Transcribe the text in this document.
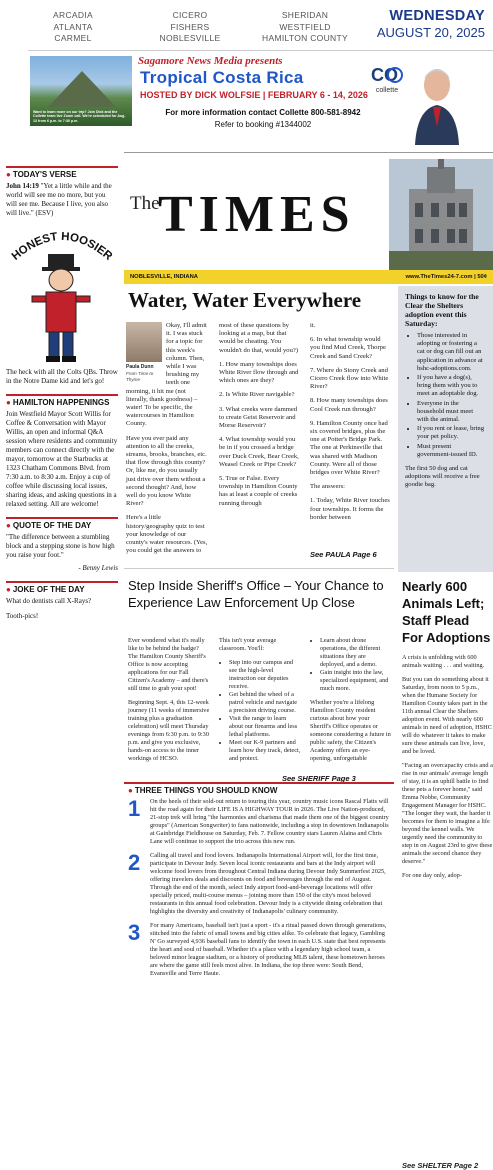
ARCADIA
ATLANTA
CARMEL
CICERO
FISHERS
NOBLESVILLE
SHERIDAN
WESTFIELD
HAMILTON COUNTY
WEDNESDAY
AUGUST 20, 2025
Want to learn more on our trip? Join Dick and the Collette team live Zoom call. We're scheduled for Aug. 13 from 6 p.m. to 7:30 p.m.
Sagamore News Media presents
Tropical Costa Rica
HOSTED BY DICK WOLFSIE | FEBRUARY 6 - 14, 2026
CO
collette
For more information contact Collette 800-581-8942
Refer to booking #1344002
● TODAY'S VERSE
John 14:19 "Yet a little while and the world will see me no more, but you will see me. Because I live, you also will live." (ESV)
HONEST HOOSIER
The heck with all the Colts QBs. Throw in the Notre Dame kid and let's go!
● HAMILTON HAPPENINGS
Join Westfield Mayor Scott Willis for Coffee & Conversation with Mayor Willis, an open and informal Q&A session where residents and community members can connect directly with the mayor, tomorrow at the Starbucks at 1323 Chatham Commons Blvd. from 7:30 a.m. to 8:30 a.m. Enjoy a cup of coffee while discussing local issues, sharing ideas, and asking questions in a relaxed setting. All are welcome!
● QUOTE OF THE DAY
"The difference between a stumbling block and a stepping stone is how high you raise your foot."
- Benny Lewis
● JOKE OF THE DAY
What do dentists call X-Rays?
Tooth-pics!
The
TIMES
NOBLESVILLE, INDIANA	www.TheTimes24-7.com | 50¢
Water, Water Everywhere
Paula Dunn
From Time to Thyme

Okay, I'll admit it. I was stuck for a topic for this week's column. Then, while I was brushing my teeth one morning, it hit me (not literally, thank goodness) – water! To be specific, the watercourses in Hamilton County.

Have you ever paid any attention to all the creeks, streams, brooks, branches, etc. that flow through this county? Or, like me, do you usually just drive over them without a second thought? And, how well do you know White River?

Here's a little history/geography quiz to test your knowledge of our county's water resources. (Yes, you could get the answers to

most of these questions by looking at a map, but that would be cheating. You wouldn't do that, would you?)

1. How many townships does White River flow through and which ones are they?

2. Is White River navigable?

3. What creeks were dammed to create Geist Reservoir and Morse Reservoir?

4. What township would you be in if you crossed a bridge over Duck Creek, Bear Creek, Weasel Creek or Pipe Creek?

5. True or False. Every township in Hamilton County has at least a couple of creeks running through

it.

6. In what township would you find Mud Creek, Thorpe Creek and Sand Creek?

7. Where do Stony Creek and Cicero Creek flow into White River?

8. How many townships does Cool Creek run through?

9. Hamilton County once had six covered bridges, plus the one at Potter's Bridge Park. The one at Perkinsville that was shared with Madison County. Were all of those bridges over White River?

The answers:

1. Today, White River touches four townships. It forms the border between

See PAULA Page 6
Things to know for the Clear the Shelters adoption event this Saturday:
• Those interested in adopting or fostering a cat or dog can fill out an application in advance at hshc-adoptions.com.
• If you have a dog(s), bring them with you to meet an adoptable dog.
• Everyone in the household must meet with the animal.
• If you rent or lease, bring your pet policy.
• Must present government-issued ID.
The first 50 dog and cat adoptions will receive a free goodie bag.
Step Inside Sheriff's Office – Your Chance to Experience Law Enforcement Up Close

Ever wondered what it's really like to be behind the badge? The Hamilton County Sheriff's Office is now accepting applications for our Fall Citizen's Academy – and there's still time to grab your spot!

Beginning Sept. 4, this 12-week journey (11 weeks of immersive training plus a graduation celebration) will meet Thursday evenings from 6:30 p.m. to 9:30 p.m. and give you exclusive, hands-on access to the inner workings of HCSO.

This isn't your average classroom. You'll:

• Step into our campus and see the high-level instruction our deputies receive.
• Get behind the wheel of a patrol vehicle and navigate a precision driving course.
• Visit the range to learn about our firearms and less lethal platforms.
• Meet our K-9 partners and learn how they track, detect, and protect.
• Learn about drone operations, the different situations they are deployed, and a demo.
• Gain insight into the law, specialized equipment, and much more.

Whether you're a lifelong Hamilton County resident curious about how your Sheriff's Office operates or someone considering a future in public safety, the Citizen's Academy offers an eye-opening, unforgettable

See SHERIFF Page 3
Nearly 600 Animals Left; Staff Plead For Adoptions

A crisis is unfolding with 600 animals waiting . . . and waiting.

But you can do something about it Saturday, from noon to 5 p.m., when the Humane Society for Hamilton County takes part in the 11th annual Clear the Shelters adoption event. With nearly 600 animals in need of adoption, HSHC will do whatever it takes to make sure these animals can live, love, and be loved.

"Facing an overcapacity crisis and a rise in our animals' average length of stay, it is an uphill battle to find these pets a forever home," said Emma Nobbe, Community Engagement Manager for HSHC. "The longer they wait, the harder it becomes for them to imagine a life beyond the kennel walls. We urgently need the community to step in on August 23rd to give these animals the second chance they deserve."

For one day only, adop-

See SHELTER Page 2
● THREE THINGS YOU SHOULD KNOW
1 On the heels of their sold-out return to touring this year, country music icons Rascal Flatts will hit the road again for their LIFE IS A HIGHWAY TOUR in 2026. The Live Nation-produced, 21-stop trek will bring "the harmonies and charisma that made them one of the biggest country groups" (American Songwriter) to fans nationwide, including a stop in downtown Indianapolis at Gainbridge Fieldhouse on Saturday, Feb. 7. Fellow country stars Lauren Alaina and Chris Lane will continue to support the trio across this new run.
2 Calling all travel and food lovers. Indianapolis International Airport will, for the first time, participate in Devour Indy. Seven local iconic restaurants and bars at the Indy airport will welcome food lovers from throughout Central Indiana during Devour Indy Summerfest 2025, offering travelers deals and discounts on food and beverages through the end of August. Through the end of the month, select Indy airport food-and-beverage locations will offer specially priced, multi-course menus – joining more than 150 of the city's most beloved restaurants in this annual food celebration. Devour Indy is a citywide dining celebration that highlights the diversity and creativity of Indianapolis' culinary community.
3 For many Americans, baseball isn't just a sport - it's a ritual passed down through generations, stitched into the fabric of small towns and big cities alike. To celebrate that legacy, Gambling N' Go surveyed 4,936 baseball fans to identify the town in each U.S. state that best represents the heart and soul of baseball. Whether it's a place with a legendary high school team, a beloved minor league stadium, or a history of producing MLB talent, these hometown heroes are where the game still feels most alive. In Indiana, the top three were: South Bend, Evansville and Terre Haute.
